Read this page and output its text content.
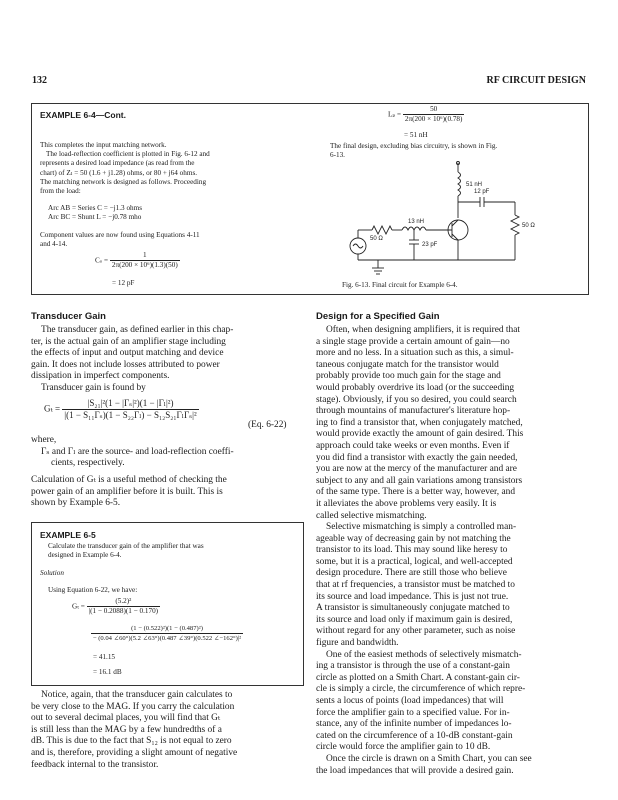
132	RF CIRCUIT DESIGN
EXAMPLE 6-4—Cont.
This completes the input matching network.
The load-reflection coefficient is plotted in Fig. 6-12 and
represents a desired load impedance (as read from the
chart) of Zₗ = 50 (1.6 + j1.28) ohms, or 80 + j64 ohms.
The matching network is designed as follows. Proceeding
from the load:
Arc AB = Series C = −j1.3 ohms
Arc BC = Shunt L = −j0.78 mho
Component values are now found using Equations 4-11
and 4-14.
$C_s = \frac{1}{\text{2π(200 × 10⁶)(1.3)(50)}}$
= 12 pF
$L_p = \frac{50}{\text{2π(200 × 10⁶)(0.78)}}$
= 51 nH
The final design, excluding bias circuitry, is shown in Fig.
6-13.
51 nH
12 pF
50 Ω
13 nH
23 pF
50 Ω
Fig. 6-13. Final circuit for Example 6-4.
Transducer Gain
The transducer gain, as defined earlier in this chap-
ter, is the actual gain of an amplifier stage including
the effects of input and output matching and device
gain. It does not include losses attributed to power
dissipation in imperfect components.
Transducer gain is found by
$G_t = \frac{\text{|S₂₁|²(1 − |Γₛ|²)(1 − |Γₗ|²)}}{\text{|(1 − S₁₁Γₛ)(1 − S₂₂Γₗ) − S₁₂S₂₁ΓₗΓₛ|²}}$
(Eq. 6-22)
where,
Γₛ and Γₗ are the source- and load-reflection coeffi-
cients, respectively.
Calculation of Gₜ is a useful method of checking the
power gain of an amplifier before it is built. This is
shown by Example 6-5.
EXAMPLE 6-5
Calculate the transducer gain of the amplifier that was
designed in Example 6-4.
Solution
Using Equation 6-22, we have:
$G_t = \frac{\text{(5.2)²}}{|(1 - 0.2088)(1 - 0.170)}$
$\frac{\text{(1 − (0.522)²)(1 − (0.487)²)}}{\text{− (0.04 ∠60°)(5.2 ∠63°)(0.487 ∠39°)(0.522 ∠−162°)|²}}$
= 41.15
= 16.1 dB
Notice, again, that the transducer gain calculates to
be very close to the MAG. If you carry the calculation
out to several decimal places, you will find that Gₜ
is still less than the MAG by a few hundredths of a
dB. This is due to the fact that S₁₂ is not equal to zero
and is, therefore, providing a slight amount of negative
feedback internal to the transistor.
Design for a Specified Gain
Often, when designing amplifiers, it is required that
a single stage provide a certain amount of gain—no
more and no less. In a situation such as this, a simul-
taneous conjugate match for the transistor would
probably provide too much gain for the stage and
would probably overdrive its load (or the succeeding
stage). Obviously, if you so desired, you could search
through mountains of manufacturer's literature hop-
ing to find a transistor that, when conjugately matched,
would provide exactly the amount of gain desired. This
approach could take weeks or even months. Even if
you did find a transistor with exactly the gain needed,
you are now at the mercy of the manufacturer and are
subject to any and all gain variations among transistors
of the same type. There is a better way, however, and
it alleviates the above problems very easily. It is
called selective mismatching.
Selective mismatching is simply a controlled man-
ageable way of decreasing gain by not matching the
transistor to its load. This may sound like heresy to
some, but it is a practical, logical, and well-accepted
design procedure. There are still those who believe
that at rf frequencies, a transistor must be matched to
its source and load impedance. This is just not true.
A transistor is simultaneously conjugate matched to
its source and load only if maximum gain is desired,
without regard for any other parameter, such as noise
figure and bandwidth.
One of the easiest methods of selectively mismatch-
ing a transistor is through the use of a constant-gain
circle as plotted on a Smith Chart. A constant-gain cir-
cle is simply a circle, the circumference of which repre-
sents a locus of points (load impedances) that will
force the amplifier gain to a specified value. For in-
stance, any of the infinite number of impedances lo-
cated on the circumference of a 10-dB constant-gain
circle would force the amplifier gain to 10 dB.
Once the circle is drawn on a Smith Chart, you can see
the load impedances that will provide a desired gain.
